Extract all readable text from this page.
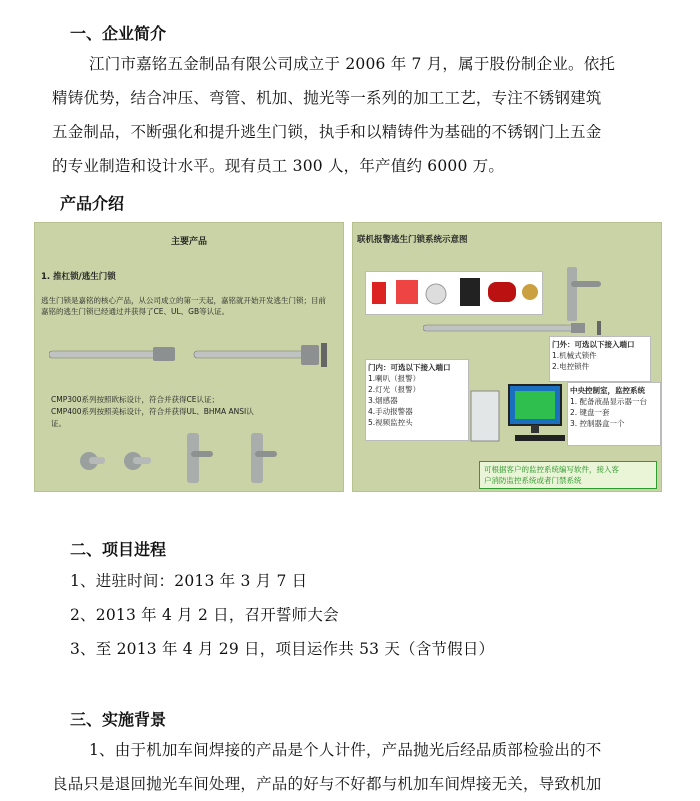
一、企业简介
江门市嘉铭五金制品有限公司成立于 2006 年 7 月，属于股份制企业。依托
精铸优势，结合冲压、弯管、机加、抛光等一系列的加工工艺，专注不锈钢建筑
五金制品，不断强化和提升逃生门锁，执手和以精铸件为基础的不锈钢门上五金
的专业制造和设计水平。现有员工 300 人，年产值约 6000 万。
产品介绍
主要产品
1. 推杠锁/逃生门锁
逃生门锁是嘉铭的核心产品，从公司成立的第一天起，嘉铭就开始开发逃生门锁；目前
嘉铭的逃生门锁已经通过并获得了CE、UL、GB等认证。
CMP300系列按照欧标设计，符合并获得CE认证；
CMP400系列按照美标设计，符合并获得UL、BHMA ANSI认
证。
联机报警逃生门锁系统示意图
门外：可选以下接入端口
1.机械式锁件
2.电控锁件
门内：可选以下接入端口
1.喇叭（报警）
2.灯光（报警）
3.烟感器
4.手动报警器
5.视频监控头
中央控制室，监控系统
1. 配备液晶显示器一台
2. 键盘一套
3. 控制器盒一个
可根据客户的监控系统编写软件，接入客
户消防监控系统或者门禁系统
二、项目进程
1、进驻时间：2013 年 3 月 7 日
2、2013 年 4 月 2 日，召开誓师大会
3、至 2013 年 4 月 29 日，项目运作共 53 天（含节假日）
三、实施背景
1、由于机加车间焊接的产品是个人计件，产品抛光后经品质部检验出的不
良品只是退回抛光车间处理，产品的好与不好都与机加车间焊接无关，导致机加
